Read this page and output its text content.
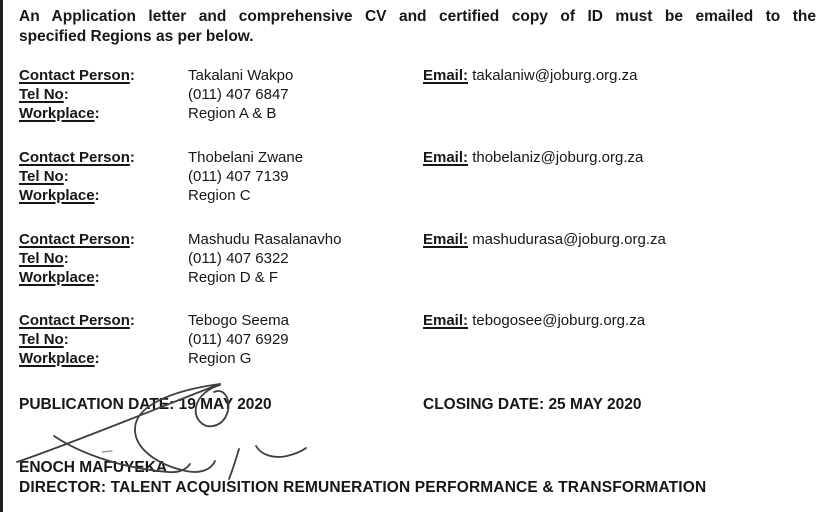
An Application letter and comprehensive CV and certified copy of ID must be emailed to the
specified Regions as per below.
Contact Person:	Takalani Wakpo
Tel No:	(011) 407 6847
Workplace:	Region A & B
Email: takalaniw@joburg.org.za
Contact Person:	Thobelani Zwane
Tel No:	(011) 407 7139
Workplace:	Region C
Email: thobelaniz@joburg.org.za
Contact Person:	Mashudu Rasalanavho
Tel No:	(011) 407 6322
Workplace:	Region D & F
Email: mashudurasa@joburg.org.za
Contact Person:	Tebogo Seema
Tel No:	(011) 407 6929
Workplace:	Region G
Email: tebogosee@joburg.org.za
PUBLICATION DATE: 19 MAY 2020	CLOSING DATE: 25 MAY 2020
ENOCH MAFUYEKA
DIRECTOR: TALENT ACQUISITION REMUNERATION PERFORMANCE & TRANSFORMATION
